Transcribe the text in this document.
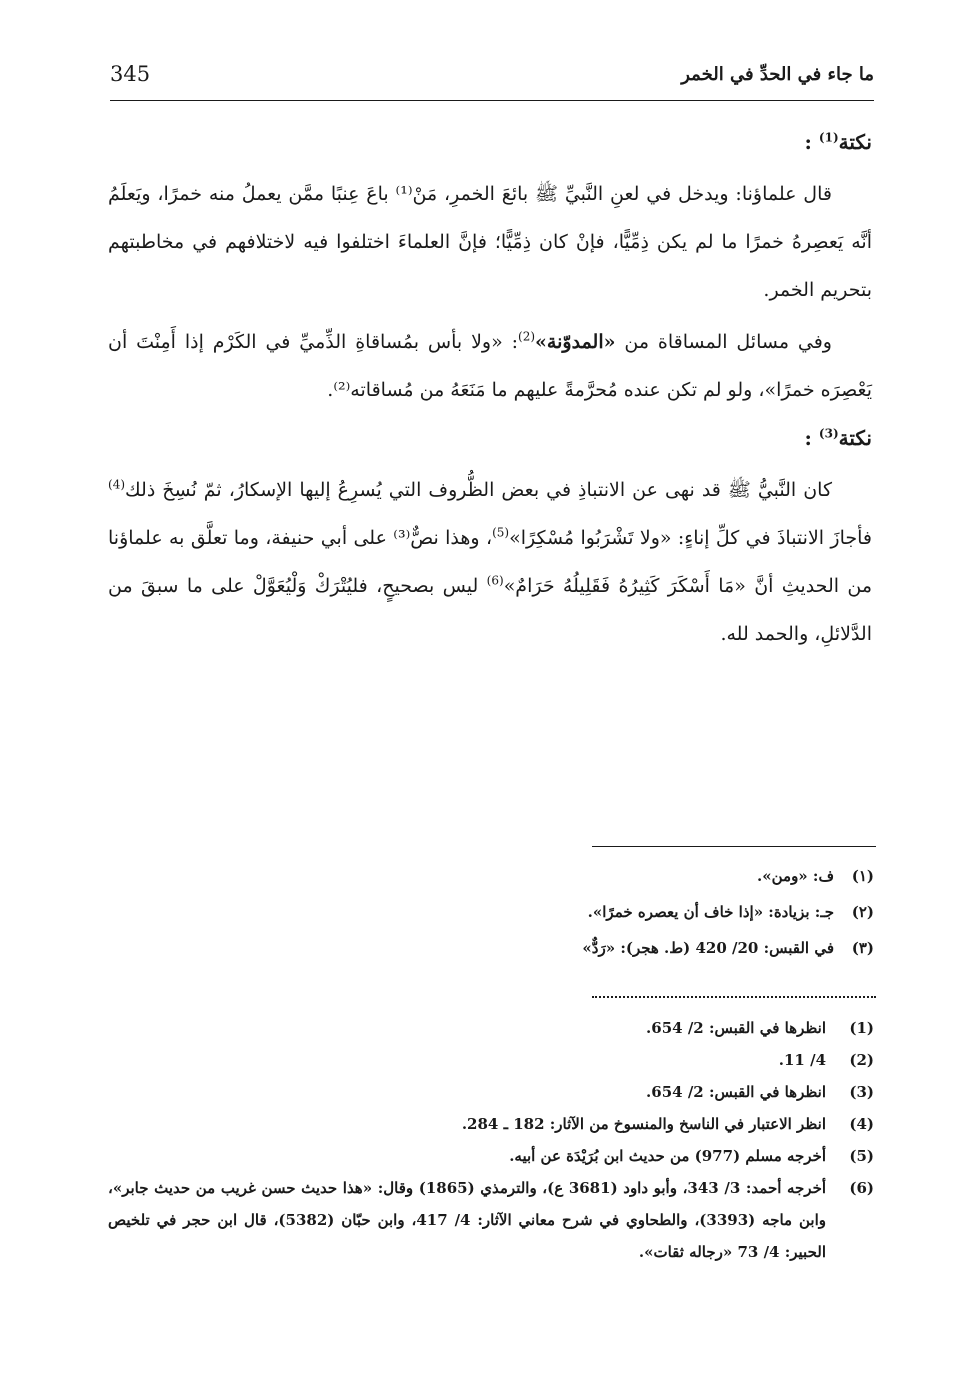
345	ما جاء في الحدِّ في الخمر
نكتة$^{(1)}$ :

قال علماؤنا: ويدخل في لعنِ النَّبيِّ ﷺ بائعَ الخمرِ، مَنْ⁽¹⁾ باعَ عِنبًا ممَّن يعملُ منه خمرًا، ويَعلَمُ أنَّه يَعصِرهُ خمرًا ما لم يكن ذِمِّيًّا، فإنْ كان ذِمِّيًّا؛ فإنَّ العلماءَ اختلفوا فيه لاختلافهم في مخاطبتهم بتحريم الخمر.

وفي مسائل المساقاة من «المدوّنة»$^{(2)}$: «ولا بأس بمُساقاةِ الذِّميِّ في الكَرْم إذا أَمِنْتَ أن يَعْصِرَه خمرًا»، ولو لم تكن عنده مُحرَّمةً عليهم ما مَنَعَهُ من مُساقاته⁽²⁾.

نكتة$^{(3)}$ :

كان النَّبيُّ ﷺ قد نهى عن الانتباذِ في بعض الظُّروف التي يُسرِعُ إليها الإسكارُ، ثمّ نُسِخَ ذلك$^{(4)}$ فأجازَ الانتباذَ في كلِّ إناءٍ: «ولا تَشْرَبُوا مُسْكِرًا»$^{(5)}$، وهذا نصٌّ⁽³⁾ على أبي حنيفة، وما تعلَّق به علماؤنا من الحديثِ أنَّ «مَا أَسْكَرَ كَثِيرُهُ فَقَلِيلُهُ حَرَامٌ»$^{(6)}$ ليس بصحيحٍ، فليُتْرَكْ وَلْيُعَوَّلْ على ما سبقَ من الدَّلائلِ، والحمد لله.

(١)
ف: «ومن».
(٢)
جـ: بزيادة: «إذا خاف أن يعصره خمرًا».
(٣)
في القبس: 20/ 420 (ط. هجر): «رَدٌّ»
(1)
انظرها في القبس: 2/ 654.
(2)
4/ 11.
(3)
انظرها في القبس: 2/ 654.
(4)
انظر الاعتبار في الناسخ والمنسوخ من الآثار: 182 ـ 284.
(5)
أخرجه مسلم (977) من حديث ابن بُرَيْدَة عن أبيه.
(6)
أخرجه أحمد: 3/ 343، وأبو داود (3681 ع)، والترمذي (1865) وقال: «هذا حديث حسن غريب من حديث جابر»، وابن ماجه (3393)، والطحاوي في شرح معاني الآثار: 4/ 417، وابن حبّان (5382)، قال ابن حجر في تلخيص الحبير: 4/ 73 «رجاله ثقات».
